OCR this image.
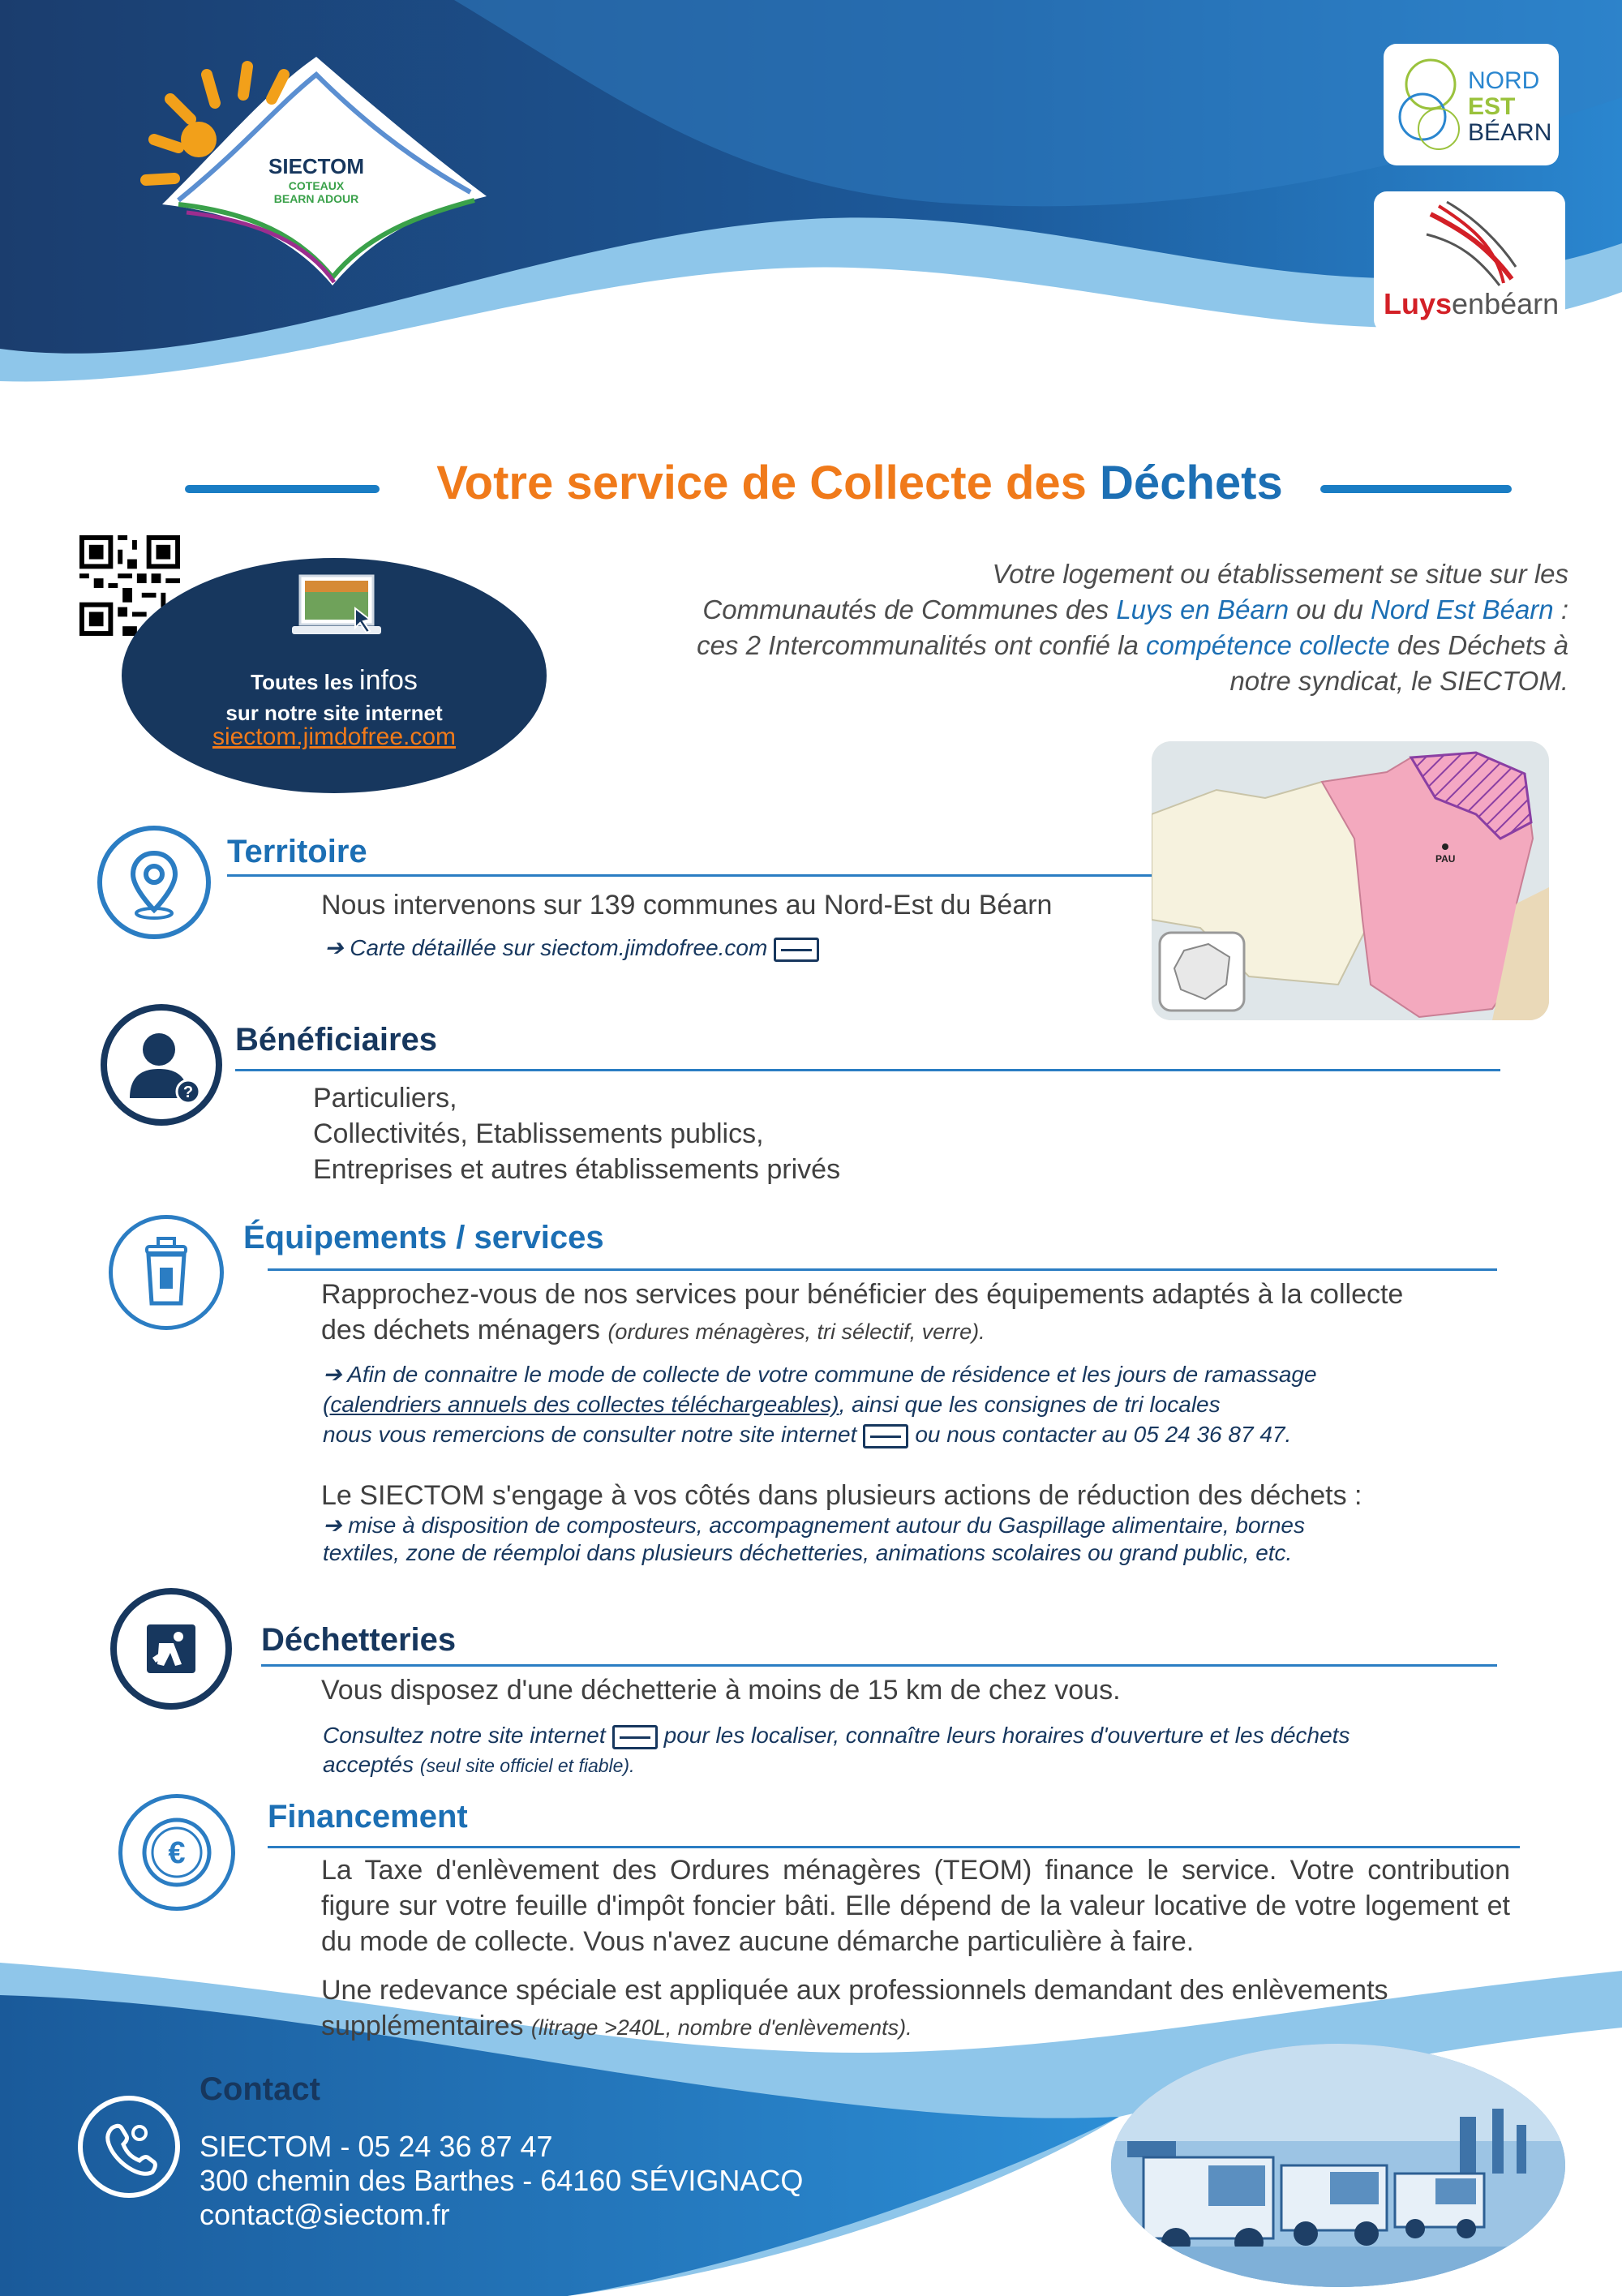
SIECTOM
COTEAUX
BEARN ADOUR
NORD
EST
BÉARN
Luysenbéarn
Votre service de Collecte des Déchets
Toutes les infos
sur notre site internet
siectom.jimdofree.com
Votre logement ou établissement se situe sur les
Communautés de Communes des Luys en Béarn ou du Nord Est Béarn :
ces 2 Intercommunalités ont confié la compétence collecte des Déchets à
notre syndicat, le SIECTOM.
PAU
Territoire
Nous intervenons sur 139 communes au Nord-Est du Béarn
➔ Carte détaillée sur siectom.jimdofree.com
?
Bénéficiaires
Particuliers,
Collectivités, Etablissements publics,
Entreprises et autres établissements privés
Équipements / services
Rapprochez-vous de nos services pour bénéficier des équipements adaptés à la collecte
des déchets ménagers (ordures ménagères, tri sélectif, verre).
➔ Afin de connaitre le mode de collecte de votre commune de résidence et les jours de ramassage
(calendriers annuels des collectes téléchargeables), ainsi que les consignes de tri locales
nous vous remercions de consulter notre site internet	ou nous contacter au 05 24 36 87 47.
Le SIECTOM s'engage à vos côtés dans plusieurs actions de réduction des déchets :
➔ mise à disposition de composteurs, accompagnement autour du Gaspillage alimentaire, bornes
textiles, zone de réemploi dans plusieurs déchetteries, animations scolaires ou grand public, etc.
Déchetteries
Vous disposez d'une déchetterie à moins de 15 km de chez vous.
Consultez notre site internet	pour les localiser, connaître leurs horaires d'ouverture et les déchets
acceptés (seul site officiel et fiable).
€
Financement
La Taxe d'enlèvement des Ordures ménagères (TEOM) finance le service. Votre contribution figure sur votre feuille d'impôt foncier bâti. Elle dépend de la valeur locative de votre logement et du mode de collecte. Vous n'avez aucune démarche particulière à faire.
Une redevance spéciale est appliquée aux professionnels demandant des enlèvements
supplémentaires (litrage >240L, nombre d'enlèvements).
Contact
SIECTOM - 05 24 36 87 47
300 chemin des Barthes - 64160 SÉVIGNACQ
contact@siectom.fr
